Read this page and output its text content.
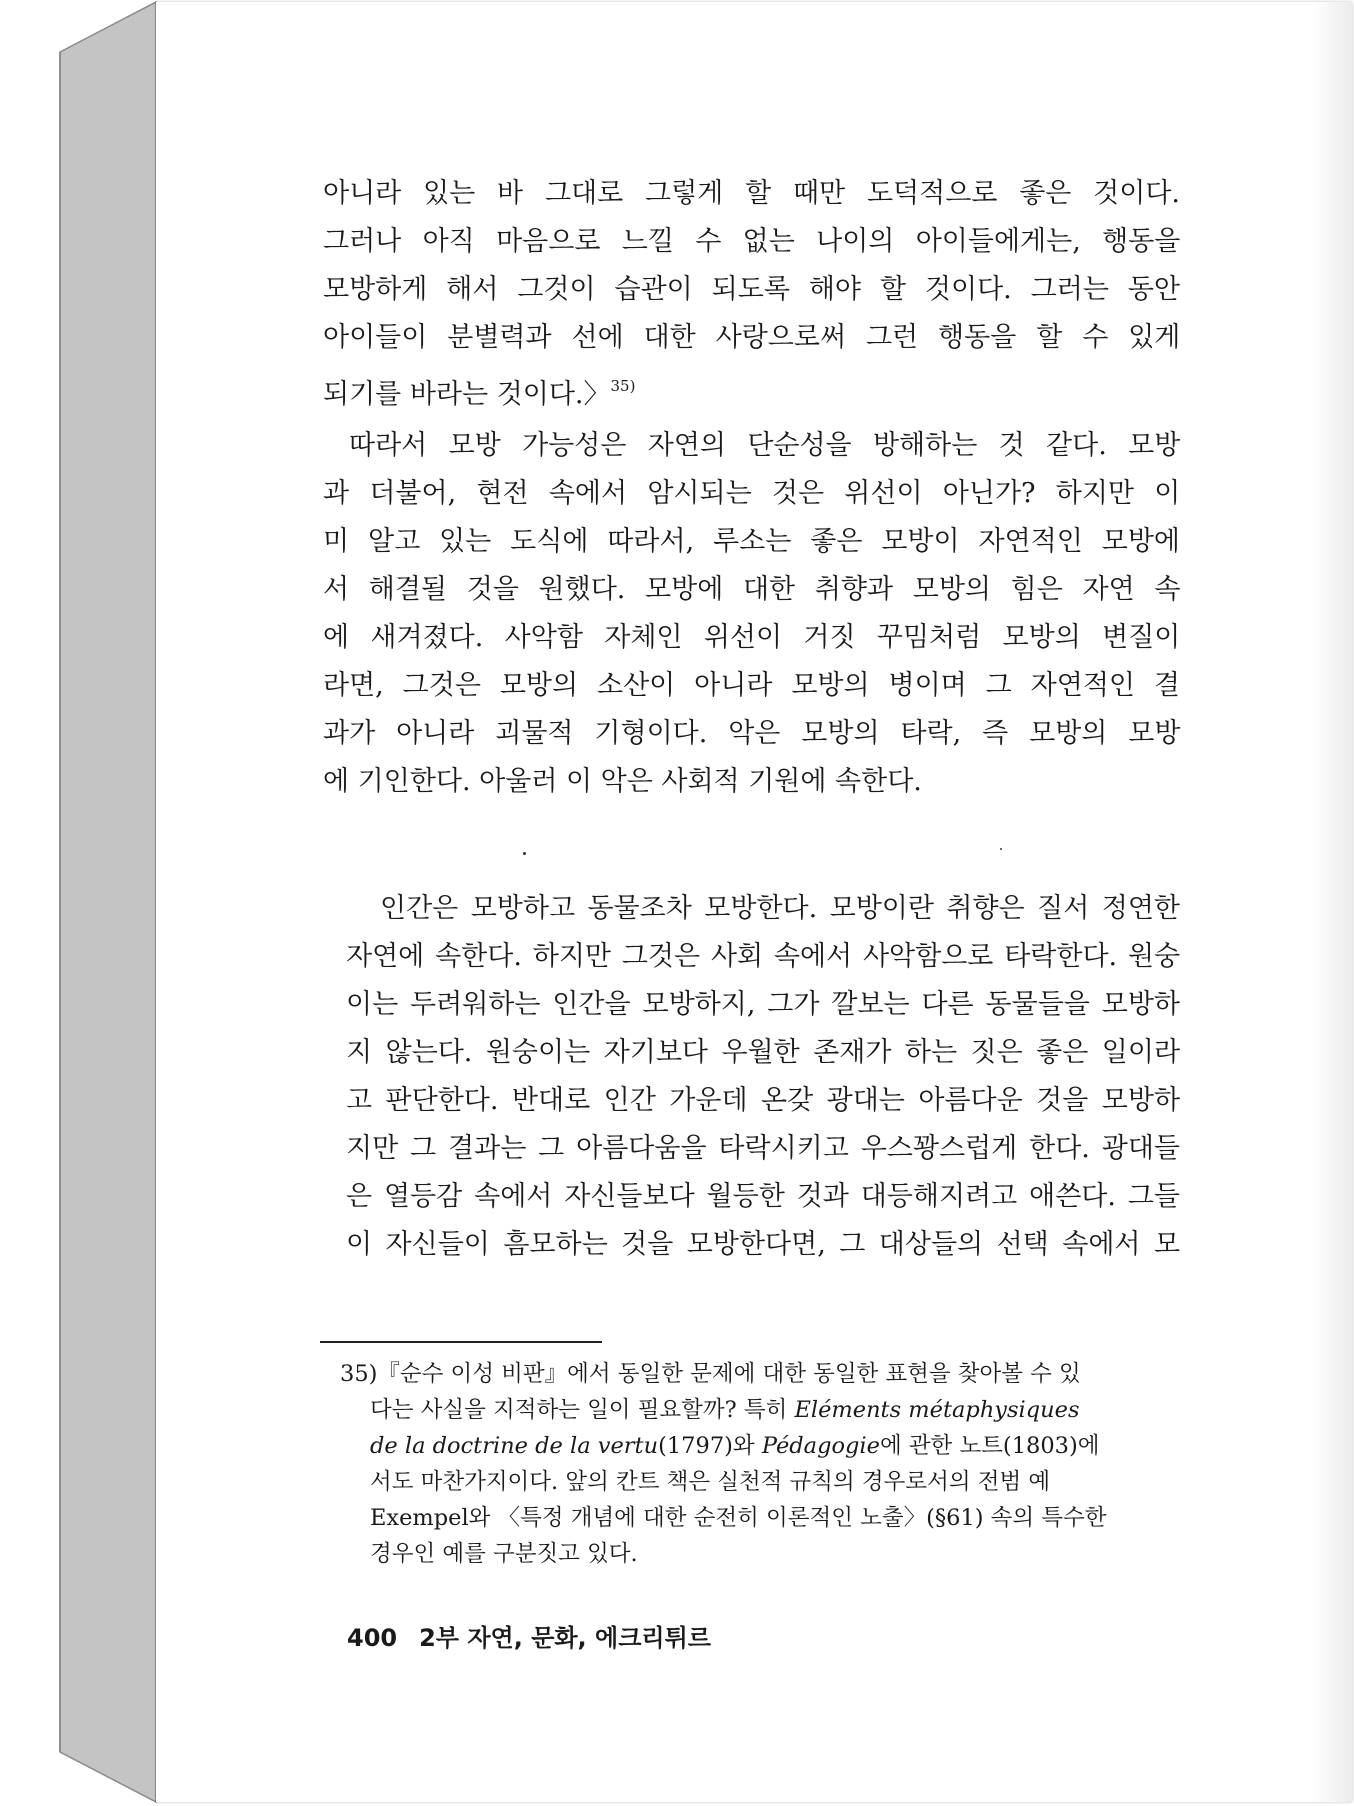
아니라 있는 바 그대로 그렇게 할 때만 도덕적으로 좋은 것이다.
그러나 아직 마음으로 느낄 수 없는 나이의 아이들에게는, 행동을
모방하게 해서 그것이 습관이 되도록 해야 할 것이다. 그러는 동안
아이들이 분별력과 선에 대한 사랑으로써 그런 행동을 할 수 있게
되기를 바라는 것이다.〉$^{35)}$
따라서 모방 가능성은 자연의 단순성을 방해하는 것 같다. 모방
과 더불어, 현전 속에서 암시되는 것은 위선이 아닌가? 하지만 이
미 알고 있는 도식에 따라서, 루소는 좋은 모방이 자연적인 모방에
서 해결될 것을 원했다. 모방에 대한 취향과 모방의 힘은 자연 속
에 새겨졌다. 사악함 자체인 위선이 거짓 꾸밈처럼 모방의 변질이
라면, 그것은 모방의 소산이 아니라 모방의 병이며 그 자연적인 결
과가 아니라 괴물적 기형이다. 악은 모방의 타락, 즉 모방의 모방
에 기인한다. 아울러 이 악은 사회적 기원에 속한다.
인간은 모방하고 동물조차 모방한다. 모방이란 취향은 질서 정연한
자연에 속한다. 하지만 그것은 사회 속에서 사악함으로 타락한다. 원숭
이는 두려워하는 인간을 모방하지, 그가 깔보는 다른 동물들을 모방하
지 않는다. 원숭이는 자기보다 우월한 존재가 하는 짓은 좋은 일이라
고 판단한다. 반대로 인간 가운데 온갖 광대는 아름다운 것을 모방하
지만 그 결과는 그 아름다움을 타락시키고 우스꽝스럽게 한다. 광대들
은 열등감 속에서 자신들보다 월등한 것과 대등해지려고 애쓴다. 그들
이 자신들이 흠모하는 것을 모방한다면, 그 대상들의 선택 속에서 모
35)『순수 이성 비판』에서 동일한 문제에 대한 동일한 표현을 찾아볼 수 있
다는 사실을 지적하는 일이 필요할까? 특히 Eléments métaphysiques
de la doctrine de la vertu(1797)와 Pédagogie에 관한 노트(1803)에
서도 마찬가지이다. 앞의 칸트 책은 실천적 규칙의 경우로서의 전범 예
Exempel와 〈특정 개념에 대한 순전히 이론적인 노출〉(§61) 속의 특수한
경우인 예를 구분짓고 있다.
400 2부 자연, 문화, 에크리튀르
